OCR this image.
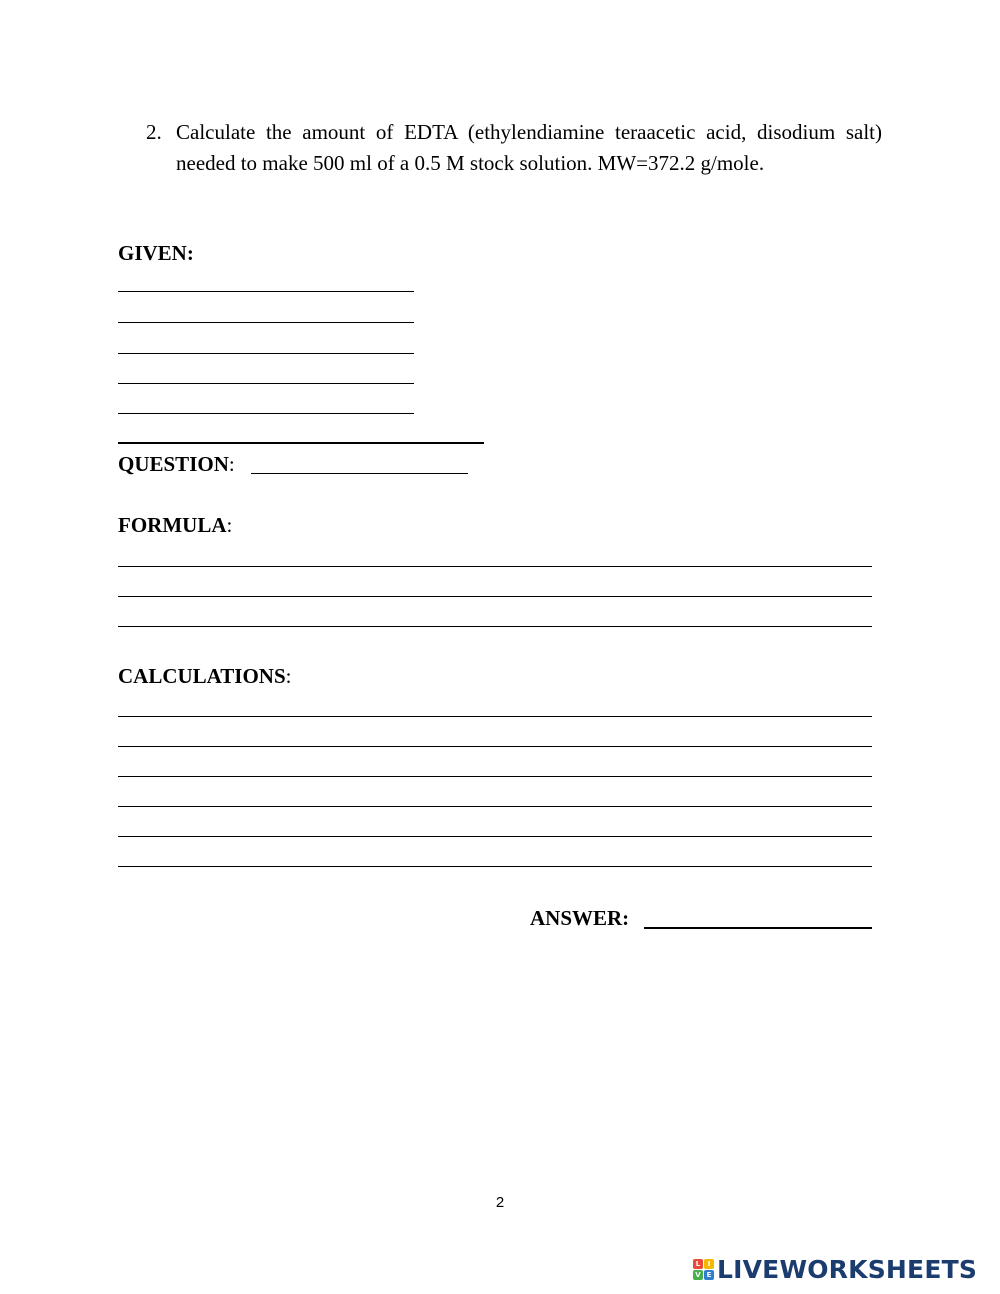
2. Calculate the amount of EDTA (ethylendiamine teraacetic acid, disodium salt) needed to make 500 ml of a 0.5 M stock solution. MW=372.2 g/mole.
GIVEN:
QUESTION:
FORMULA:
CALCULATIONS:
ANSWER:
2
L	I
V E LIVEWORKSHEETS
